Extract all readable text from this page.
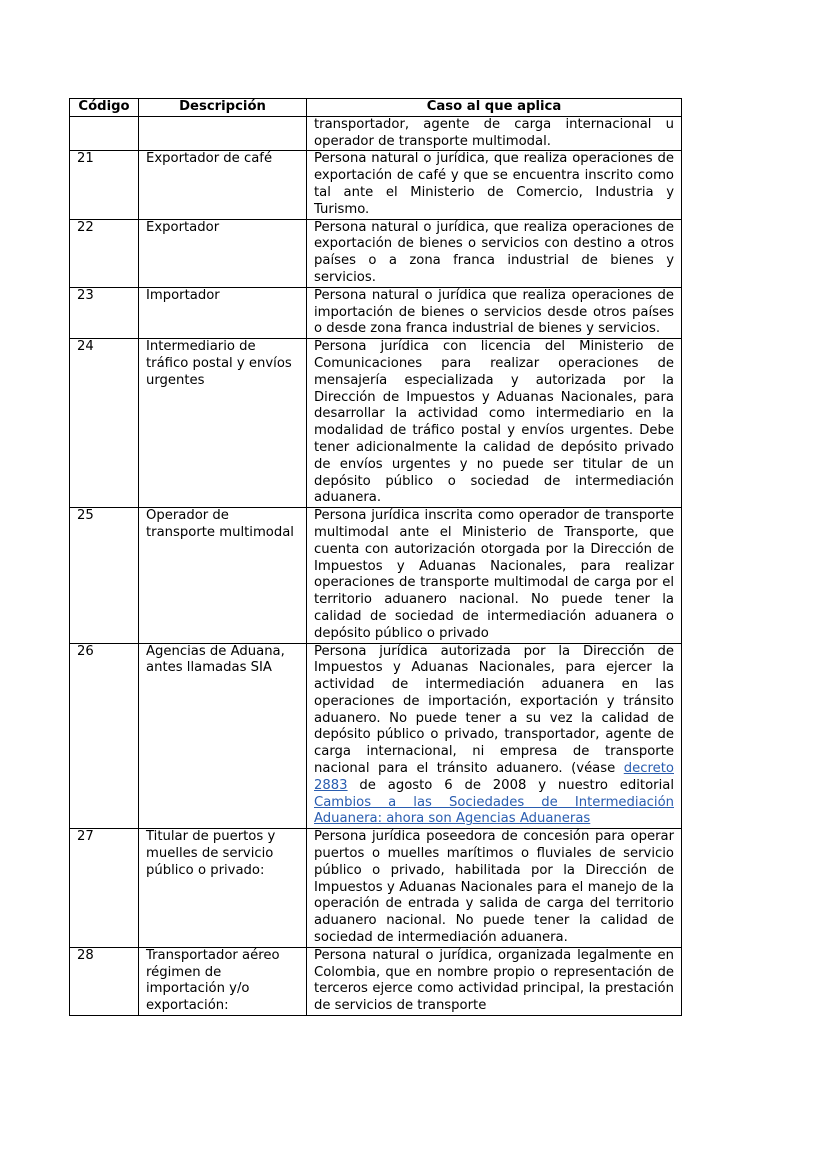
Código	Descripción	Caso al que aplica
		transportador, agente de carga internacional u operador de transporte multimodal.
21	Exportador de café	Persona natural o jurídica, que realiza operaciones de exportación de café y que se encuentra inscrito como tal ante el Ministerio de Comercio, Industria y Turismo.
22	Exportador	Persona natural o jurídica, que realiza operaciones de exportación de bienes o servicios con destino a otros países o a zona franca industrial de bienes y servicios.
23	Importador	Persona natural o jurídica que realiza operaciones de importación de bienes o servicios desde otros países o desde zona franca industrial de bienes y servicios.
24	Intermediario de tráfico postal y envíos urgentes	Persona jurídica con licencia del Ministerio de Comunicaciones para realizar operaciones de mensajería especializada y autorizada por la Dirección de Impuestos y Aduanas Nacionales, para desarrollar la actividad como intermediario en la modalidad de tráfico postal y envíos urgentes. Debe tener adicionalmente la calidad de depósito privado de envíos urgentes y no puede ser titular de un depósito público o sociedad de intermediación aduanera.
25	Operador de transporte multimodal	Persona jurídica inscrita como operador de transporte multimodal ante el Ministerio de Transporte, que cuenta con autorización otorgada por la Dirección de Impuestos y Aduanas Nacionales, para realizar operaciones de transporte multimodal de carga por el territorio aduanero nacional. No puede tener la calidad de sociedad de intermediación aduanera o depósito público o privado
26	Agencias de Aduana, antes llamadas SIA	Persona jurídica autorizada por la Dirección de Impuestos y Aduanas Nacionales, para ejercer la actividad de intermediación aduanera en las operaciones de importación, exportación y tránsito aduanero. No puede tener a su vez la calidad de depósito público o privado, transportador, agente de carga internacional, ni empresa de transporte nacional para el tránsito aduanero. (véase decreto 2883 de agosto 6 de 2008 y nuestro editorial Cambios a las Sociedades de Intermediación Aduanera: ahora son Agencias Aduaneras
27	Titular de puertos y muelles de servicio público o privado:	Persona jurídica poseedora de concesión para operar puertos o muelles marítimos o fluviales de servicio público o privado, habilitada por la Dirección de Impuestos y Aduanas Nacionales para el manejo de la operación de entrada y salida de carga del territorio aduanero nacional. No puede tener la calidad de sociedad de intermediación aduanera.
28	Transportador aéreo régimen de importación y/o exportación:	Persona natural o jurídica, organizada legalmente en Colombia, que en nombre propio o representación de terceros ejerce como actividad principal, la prestación de servicios de transporte
